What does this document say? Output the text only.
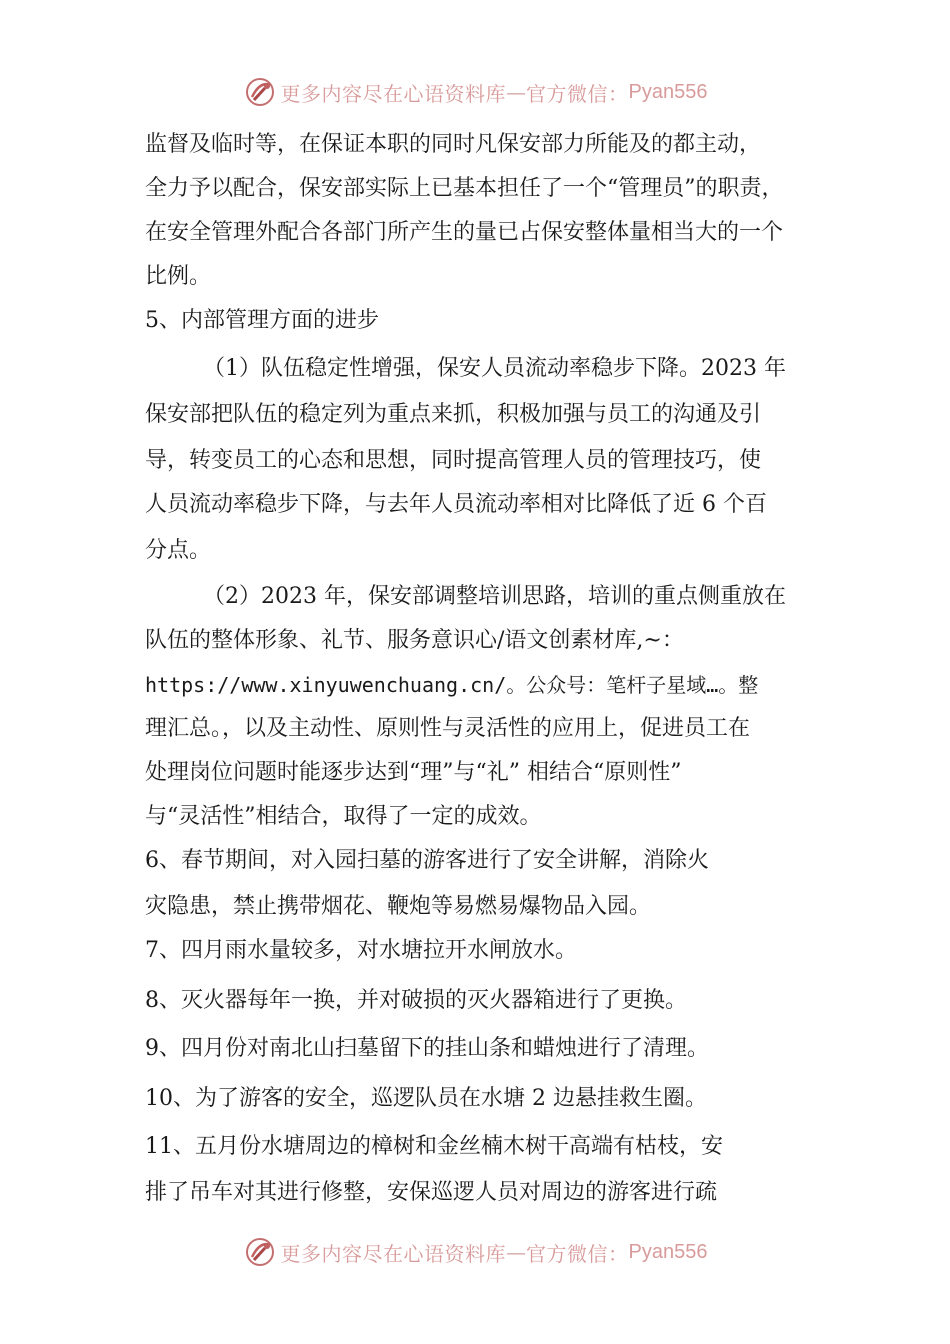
更多内容尽在心语资料库 — 官方微信： Pyan556
监督及临时等，在保证本职的同时凡保安部力所能及的都主动，
全力予以配合，保安部实际上已基本担任了一个“管理员”的职责，
在安全管理外配合各部门所产生的量已占保安整体量相当大的一个
比例。
5、内部管理方面的进步
（1）队伍稳定性增强，保安人员流动率稳步下降。2023 年
保安部把队伍的稳定列为重点来抓，积极加强与员工的沟通及引
导，转变员工的心态和思想，同时提高管理人员的管理技巧，使
人员流动率稳步下降，与去年人员流动率相对比降低了近 6 个百
分点。
（2）2023 年，保安部调整培训思路，培训的重点侧重放在
队伍的整体形象、礼节、服务意识心/语文创素材库,~：
https://www.xinyuwenchuang.cn/。公众号：笔杆子星域…。整
理汇总。，以及主动性、原则性与灵活性的应用上，促进员工在
处理岗位问题时能逐步达到“理”与“礼” 相结合“原则性”
与“灵活性”相结合，取得了一定的成效。
6、春节期间，对入园扫墓的游客进行了安全讲解，消除火
灾隐患，禁止携带烟花、鞭炮等易燃易爆物品入园。
7、四月雨水量较多，对水塘拉开水闸放水。
8、灭火器每年一换，并对破损的灭火器箱进行了更换。
9、四月份对南北山扫墓留下的挂山条和蜡烛进行了清理。
10、为了游客的安全，巡逻队员在水塘 2 边悬挂救生圈。
11、五月份水塘周边的樟树和金丝楠木树干高端有枯枝，安
排了吊车对其进行修整，安保巡逻人员对周边的游客进行疏
更多内容尽在心语资料库 — 官方微信： Pyan556
